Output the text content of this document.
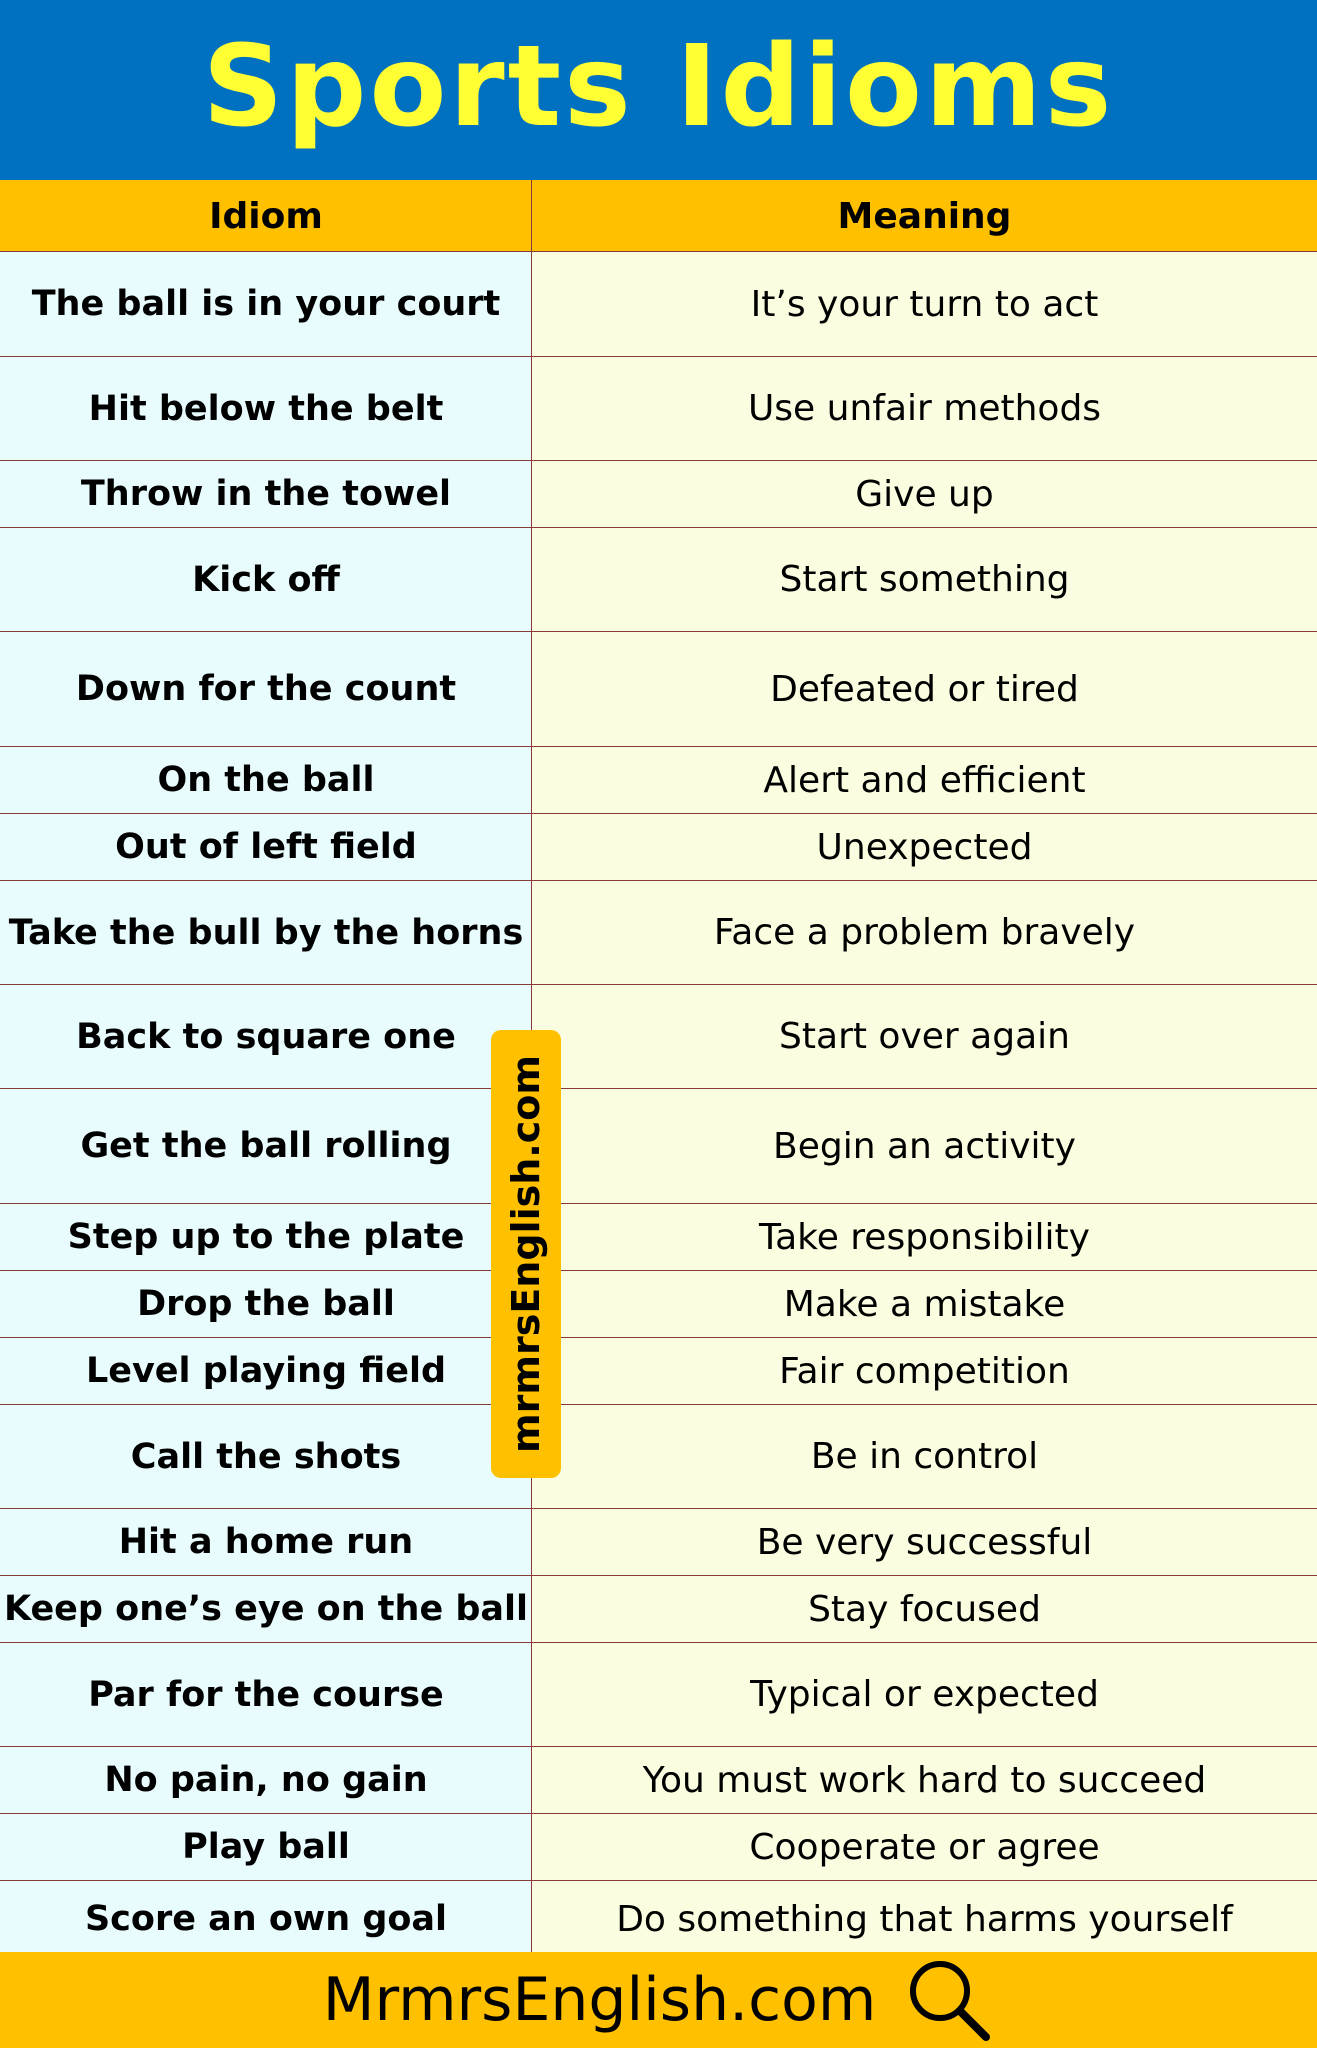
Sports Idioms
Idiom	Meaning
The ball is in your court	It’s your turn to act
Hit below the belt	Use unfair methods
Throw in the towel	Give up
Kick off	Start something
Down for the count	Defeated or tired
On the ball	Alert and efficient
Out of left field	Unexpected
Take the bull by the horns	Face a problem bravely
Back to square one	Start over again
Get the ball rolling	Begin an activity
Step up to the plate	Take responsibility
Drop the ball	Make a mistake
Level playing field	Fair competition
Call the shots	Be in control
Hit a home run	Be very successful
Keep one’s eye on the ball	Stay focused
Par for the course	Typical or expected
No pain, no gain	You must work hard to succeed
Play ball	Cooperate or agree
Score an own goal	Do something that harms yourself
mrmrsEnglish.com
MrmrsEnglish.com
